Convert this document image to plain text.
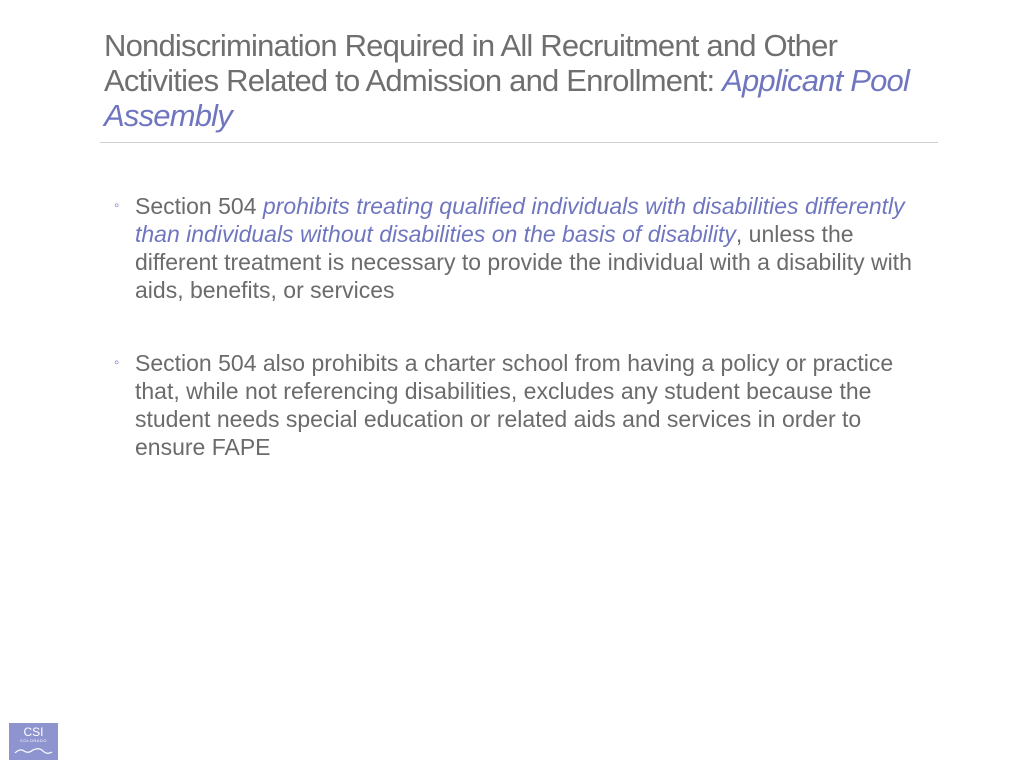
Nondiscrimination Required in All Recruitment and Other Activities Related to Admission and Enrollment: Applicant Pool Assembly
◦ Section 504 prohibits treating qualified individuals with disabilities differently than individuals without disabilities on the basis of disability, unless the different treatment is necessary to provide the individual with a disability with aids, benefits, or services
◦ Section 504 also prohibits a charter school from having a policy or practice that, while not referencing disabilities, excludes any student because the student needs special education or related aids and services in order to ensure FAPE
CSI
COLORADO
